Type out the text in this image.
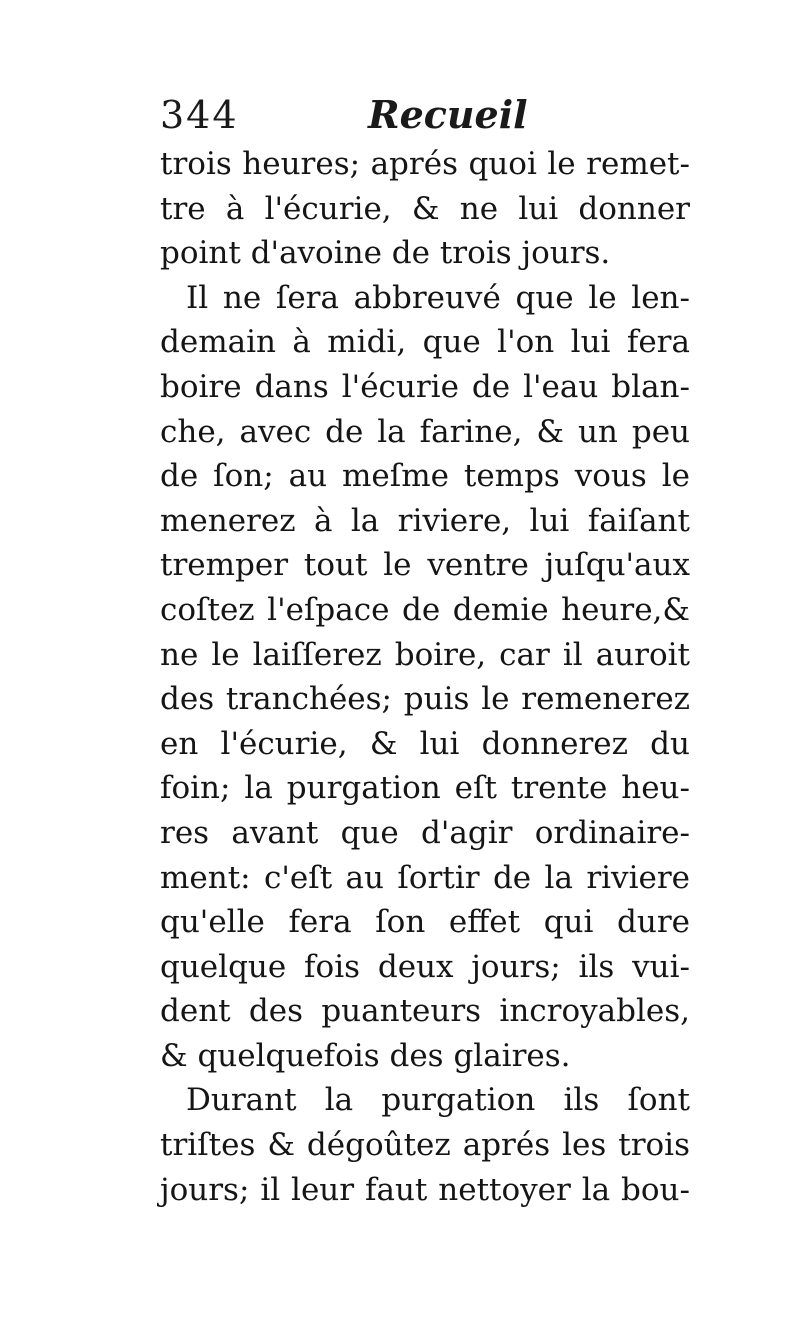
344	Recueil
trois heures; aprés quoi le remet-
tre à l'écurie, & ne lui donner
point d'avoine de trois jours.
Il ne ſera abbreuvé que le len-
demain à midi, que l'on lui fera
boire dans l'écurie de l'eau blan-
che, avec de la farine, & un peu
de ſon; au meſme temps vous le
menerez à la riviere, lui faiſant
tremper tout le ventre juſqu'aux
coſtez l'eſpace de demie heure,&
ne le laiſſerez boire, car il auroit
des tranchées; puis le remenerez
en l'écurie, & lui donnerez du
foin; la purgation eſt trente heu-
res avant que d'agir ordinaire-
ment: c'eſt au ſortir de la riviere
qu'elle fera ſon effet qui dure
quelque fois deux jours; ils vui-
dent des puanteurs incroyables,
& quelquefois des glaires.
Durant la purgation ils ſont
triſtes & dégoûtez aprés les trois
jours; il leur faut nettoyer la bou-
